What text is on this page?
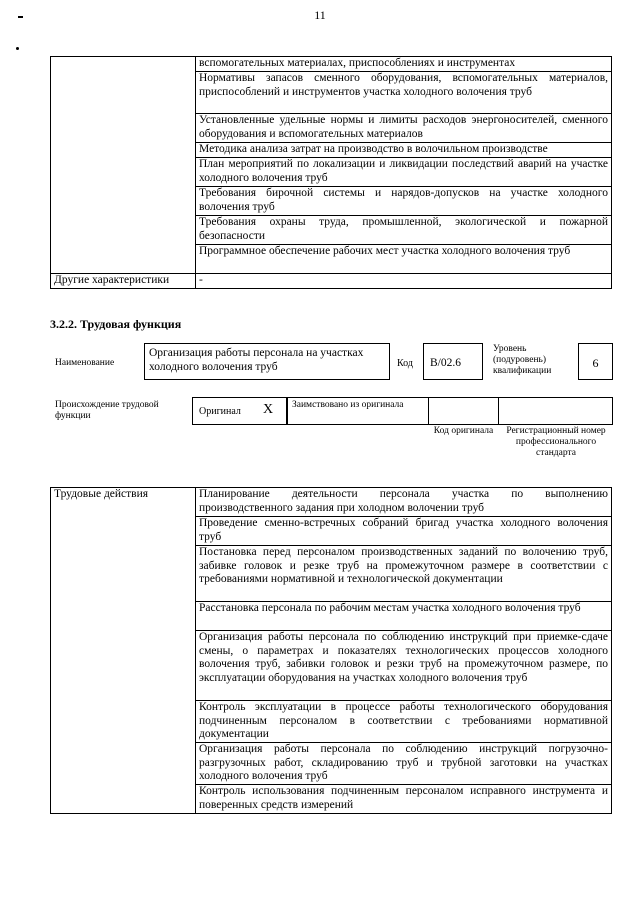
11
	вспомогательных материалах, приспособлениях и инструментах
	Нормативы запасов сменного оборудования, вспомогательных материалов, приспособлений и инструментов участка холодного волочения труб
	Установленные удельные нормы и лимиты расходов энергоносителей, сменного оборудования и вспомогательных материалов
	Методика анализа затрат на производство в волочильном производстве
	План мероприятий по локализации и ликвидации последствий аварий на участке холодного волочения труб
	Требования бирочной системы и нарядов-допусков на участке холодного волочения труб
	Требования охраны труда, промышленной, экологической и пожарной безопасности
	Программное обеспечение рабочих мест участка холодного волочения труб
Другие характеристики	-
3.2.2. Трудовая функция
Наименование
Организация работы персонала на участках холодного волочения труб	Код	B/02.6
Уровень (подуровень) квалификации
6
Происхождение трудовой функции	Оригинал X	Заимствовано из оригинала
Код оригинала	Регистрационный номер профессионального стандарта
Трудовые действия	Планирование деятельности персонала участка по выполнению производственного задания при холодном волочении труб
Проведение сменно-встречных собраний бригад участка холодного волочения труб
Постановка перед персоналом производственных заданий по волочению труб, забивке головок и резке труб на промежуточном размере в соответствии с требованиями нормативной и технологической документации
Расстановка персонала по рабочим местам участка холодного волочения труб
Организация работы персонала по соблюдению инструкций при приемке-сдаче смены, о параметрах и показателях технологических процессов холодного волочения труб, забивки головок и резки труб на промежуточном размере, по эксплуатации оборудования на участках холодного волочения труб
Контроль эксплуатации в процессе работы технологического оборудования подчиненным персоналом в соответствии с требованиями нормативной документации
Организация работы персонала по соблюдению инструкций погрузочно-разгрузочных работ, складированию труб и трубной заготовки на участках холодного волочения труб
Контроль использования подчиненным персоналом исправного инструмента и поверенных средств измерений
